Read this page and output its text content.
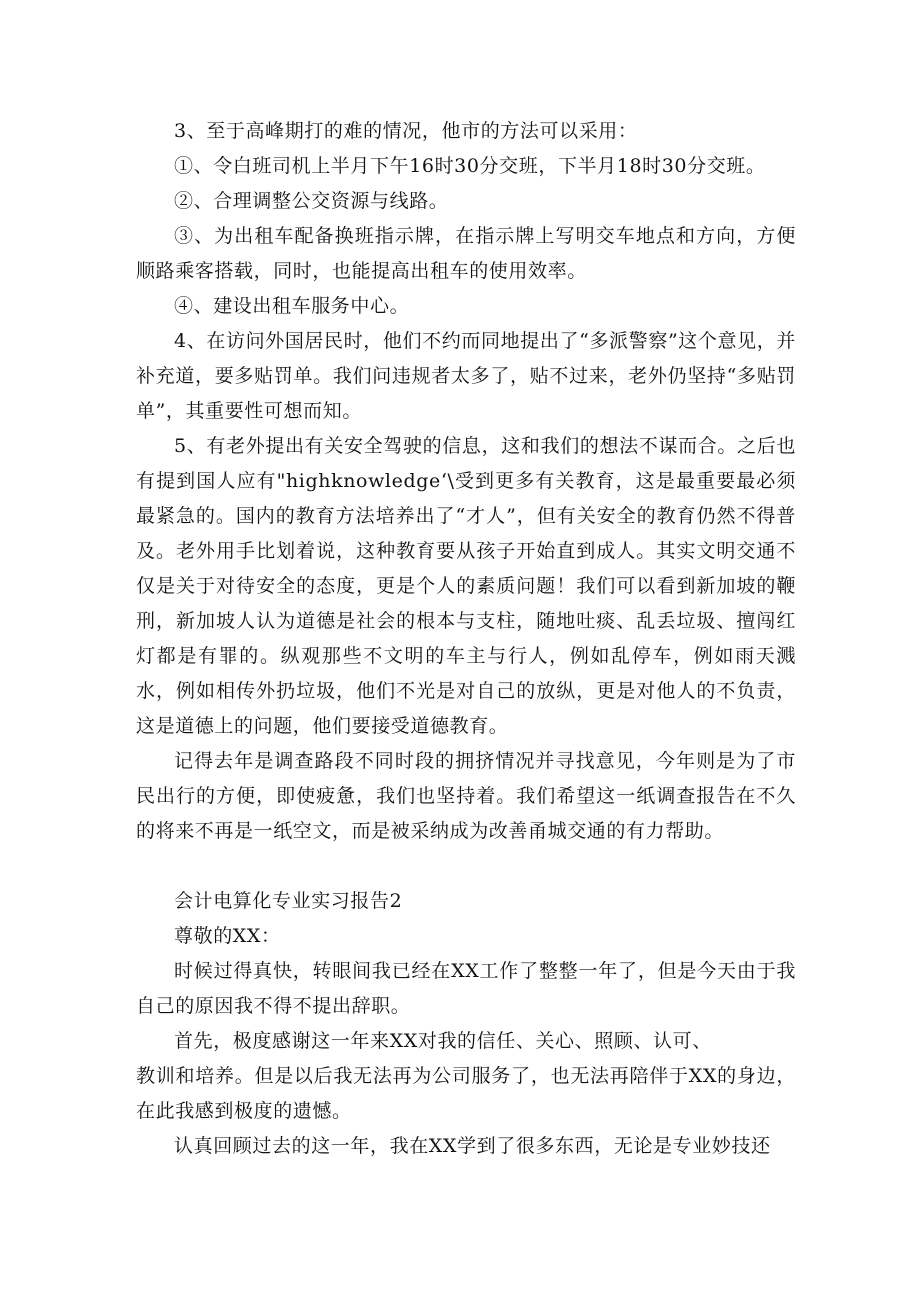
3、至于高峰期打的难的情况，他市的方法可以采用：

①、令白班司机上半月下午16时30分交班，下半月18时30分交班。

②、合理调整公交资源与线路。

③、为出租车配备换班指示牌，在指示牌上写明交车地点和方向，方便顺路乘客搭载，同时，也能提高出租车的使用效率。

④、建设出租车服务中心。

4、在访问外国居民时，他们不约而同地提出了“多派警察”这个意见，并补充道，要多贴罚单。我们问违规者太多了，贴不过来，老外仍坚持“多贴罚单”，其重要性可想而知。

5、有老外提出有关安全驾驶的信息，这和我们的想法不谋而合。之后也有提到国人应有"highknowledge‘\受到更多有关教育，这是最重要最必须最紧急的。国内的教育方法培养出了“才人”，但有关安全的教育仍然不得普及。老外用手比划着说，这种教育要从孩子开始直到成人。其实文明交通不仅是关于对待安全的态度，更是个人的素质问题！我们可以看到新加坡的鞭刑，新加坡人认为道德是社会的根本与支柱，随地吐痰、乱丢垃圾、擅闯红灯都是有罪的。纵观那些不文明的车主与行人，例如乱停车，例如雨天溅水，例如相传外扔垃圾，他们不光是对自己的放纵，更是对他人的不负责，这是道德上的问题，他们要接受道德教育。

记得去年是调查路段不同时段的拥挤情况并寻找意见，今年则是为了市民出行的方便，即使疲惫，我们也坚持着。我们希望这一纸调查报告在不久的将来不再是一纸空文，而是被采纳成为改善甬城交通的有力帮助。

会计电算化专业实习报告2

尊敬的XX：

时候过得真快，转眼间我已经在XX工作了整整一年了，但是今天由于我自己的原因我不得不提出辞职。

首先，极度感谢这一年来XX对我的信任、关心、照顾、认可、

教训和培养。但是以后我无法再为公司服务了，也无法再陪伴于XX的身边，在此我感到极度的遗憾。

认真回顾过去的这一年，我在XX学到了很多东西，无论是专业妙技还
